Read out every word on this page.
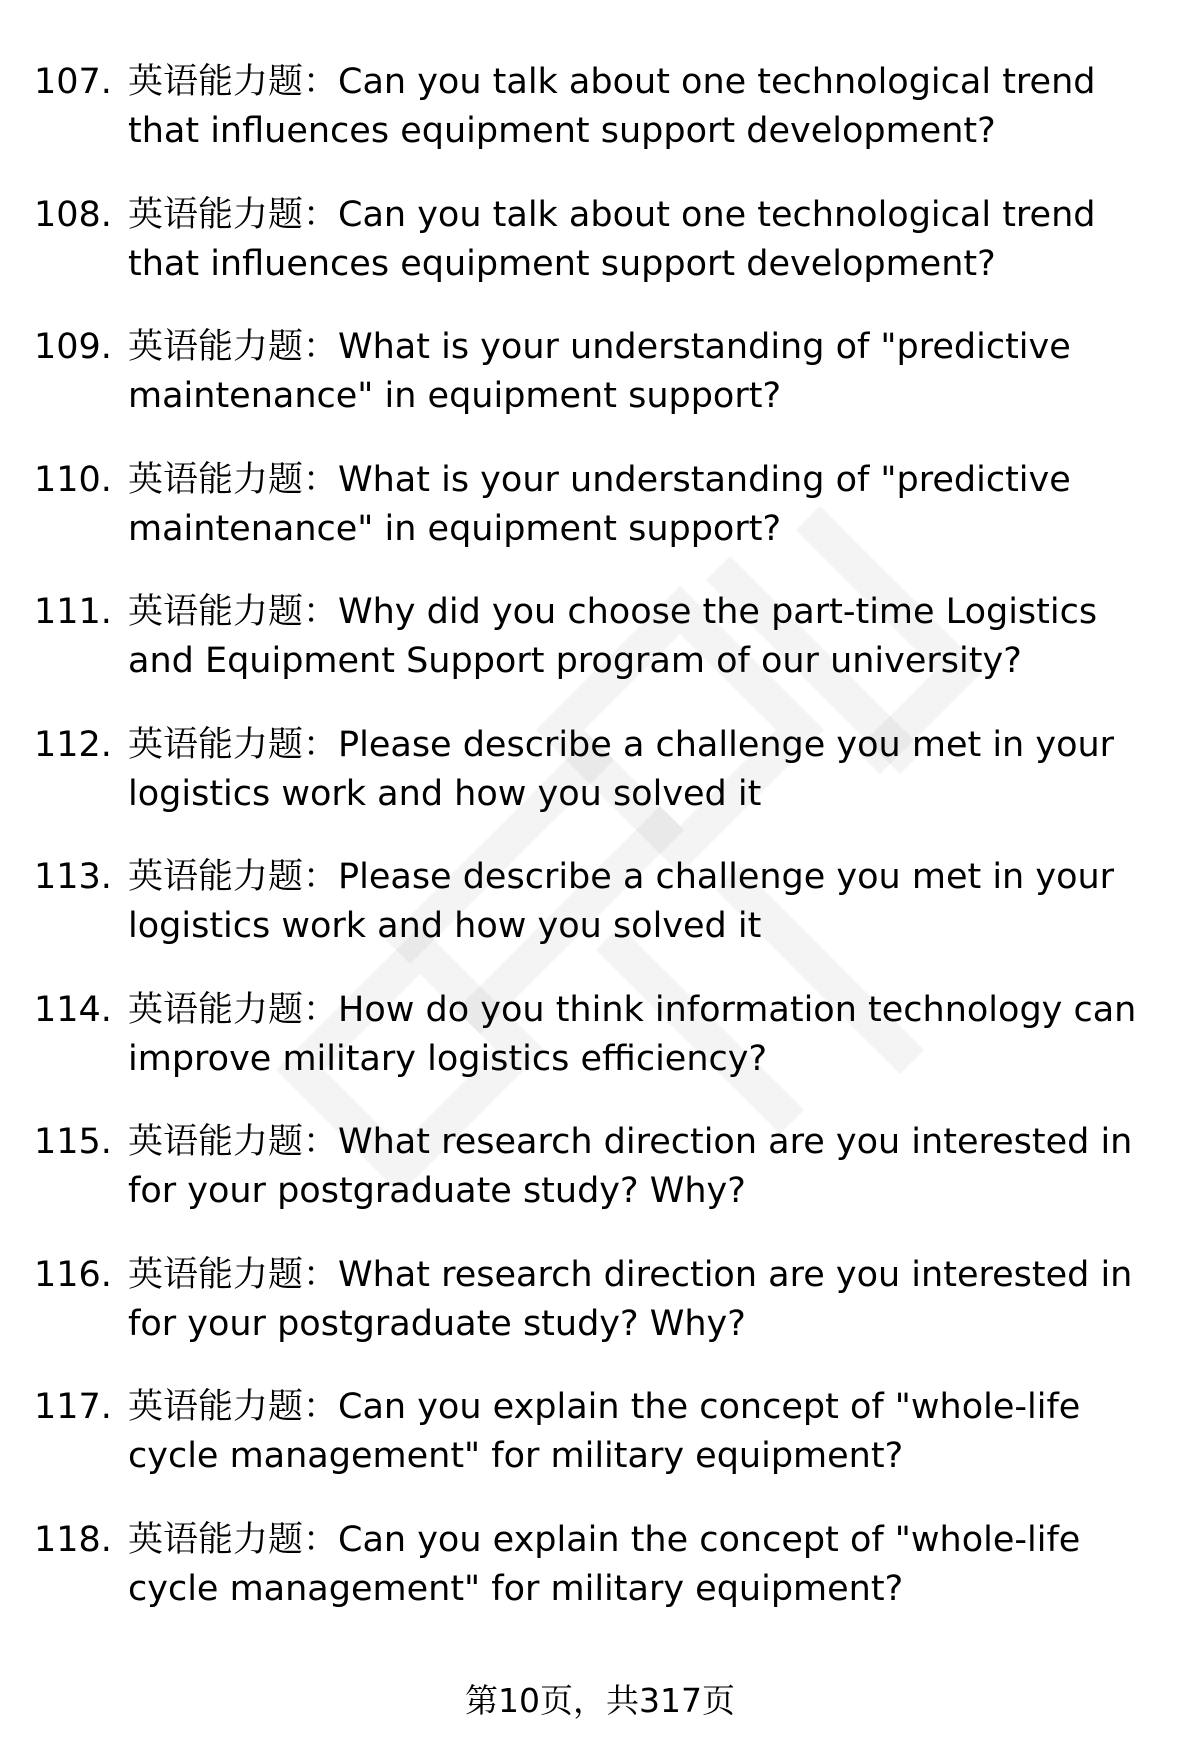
107. 英语能力题：Can you talk about one technological trend that influences equipment support development?
108. 英语能力题：Can you talk about one technological trend that influences equipment support development?
109. 英语能力题：What is your understanding of "predictive maintenance" in equipment support?
110. 英语能力题：What is your understanding of "predictive maintenance" in equipment support?
111. 英语能力题：Why did you choose the part-time Logistics and Equipment Support program of our university?
112. 英语能力题：Please describe a challenge you met in your logistics work and how you solved it
113. 英语能力题：Please describe a challenge you met in your logistics work and how you solved it
114. 英语能力题：How do you think information technology can improve military logistics efficiency?
115. 英语能力题：What research direction are you interested in for your postgraduate study? Why?
116. 英语能力题：What research direction are you interested in for your postgraduate study? Why?
117. 英语能力题：Can you explain the concept of "whole-life cycle management" for military equipment?
118. 英语能力题：Can you explain the concept of "whole-life cycle management" for military equipment?
第10页，共317页
